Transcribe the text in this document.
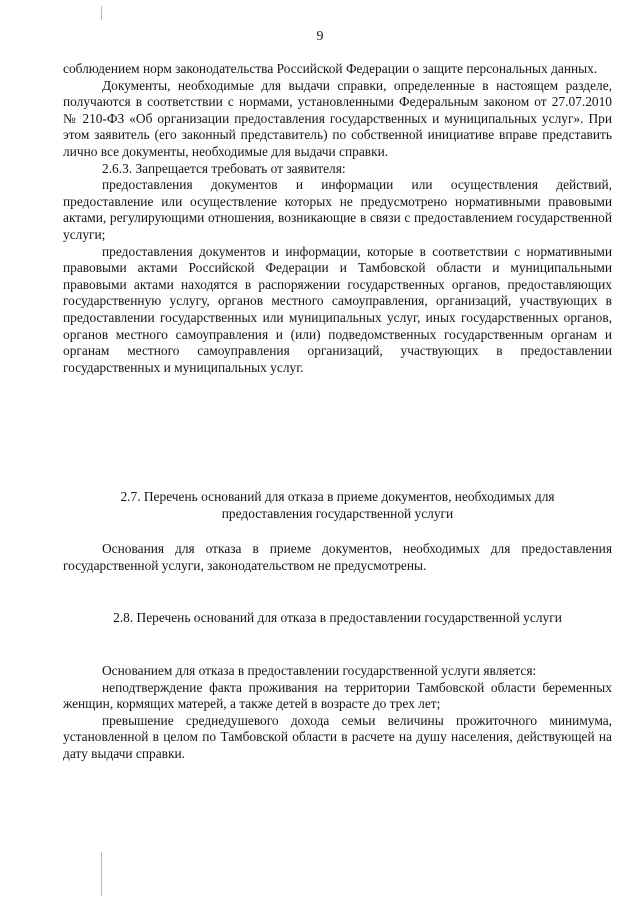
9

соблюдением норм законодательства Российской Федерации о защите персональных данных.

Документы, необходимые для выдачи справки, определенные в настоящем разделе, получаются в соответствии с нормами, установленными Федеральным законом от 27.07.2010 № 210-ФЗ «Об организации предоставления государственных и муниципальных услуг». При этом заявитель (его законный представитель) по собственной инициативе вправе представить лично все документы, необходимые для выдачи справки.

2.6.3. Запрещается требовать от заявителя:

предоставления документов и информации или осуществления действий, предоставление или осуществление которых не предусмотрено нормативными правовыми актами, регулирующими отношения, возникающие в связи с предоставлением государственной услуги;

предоставления документов и информации, которые в соответствии с нормативными правовыми актами Российской Федерации и Тамбовской области и муниципальными правовыми актами находятся в распоряжении государственных органов, предоставляющих государственную услугу, органов местного самоуправления, организаций, участвующих в предоставлении государственных или муниципальных услуг, иных государственных органов, органов местного самоуправления и (или) подведомственных государственным органам и органам местного самоуправления организаций, участвующих в предоставлении государственных и муниципальных услуг.

2.7. Перечень оснований для отказа в приеме документов, необходимых для
предоставления государственной услуги

Основания для отказа в приеме документов, необходимых для предоставления государственной услуги, законодательством не предусмотрены.

2.8. Перечень оснований для отказа в предоставлении государственной услуги

Основанием для отказа в предоставлении государственной услуги является:

неподтверждение факта проживания на территории Тамбовской области беременных женщин, кормящих матерей, а также детей в возрасте до трех лет;

превышение среднедушевого дохода семьи величины прожиточного минимума, установленной в целом по Тамбовской области в расчете на душу населения, действующей на дату выдачи справки.
